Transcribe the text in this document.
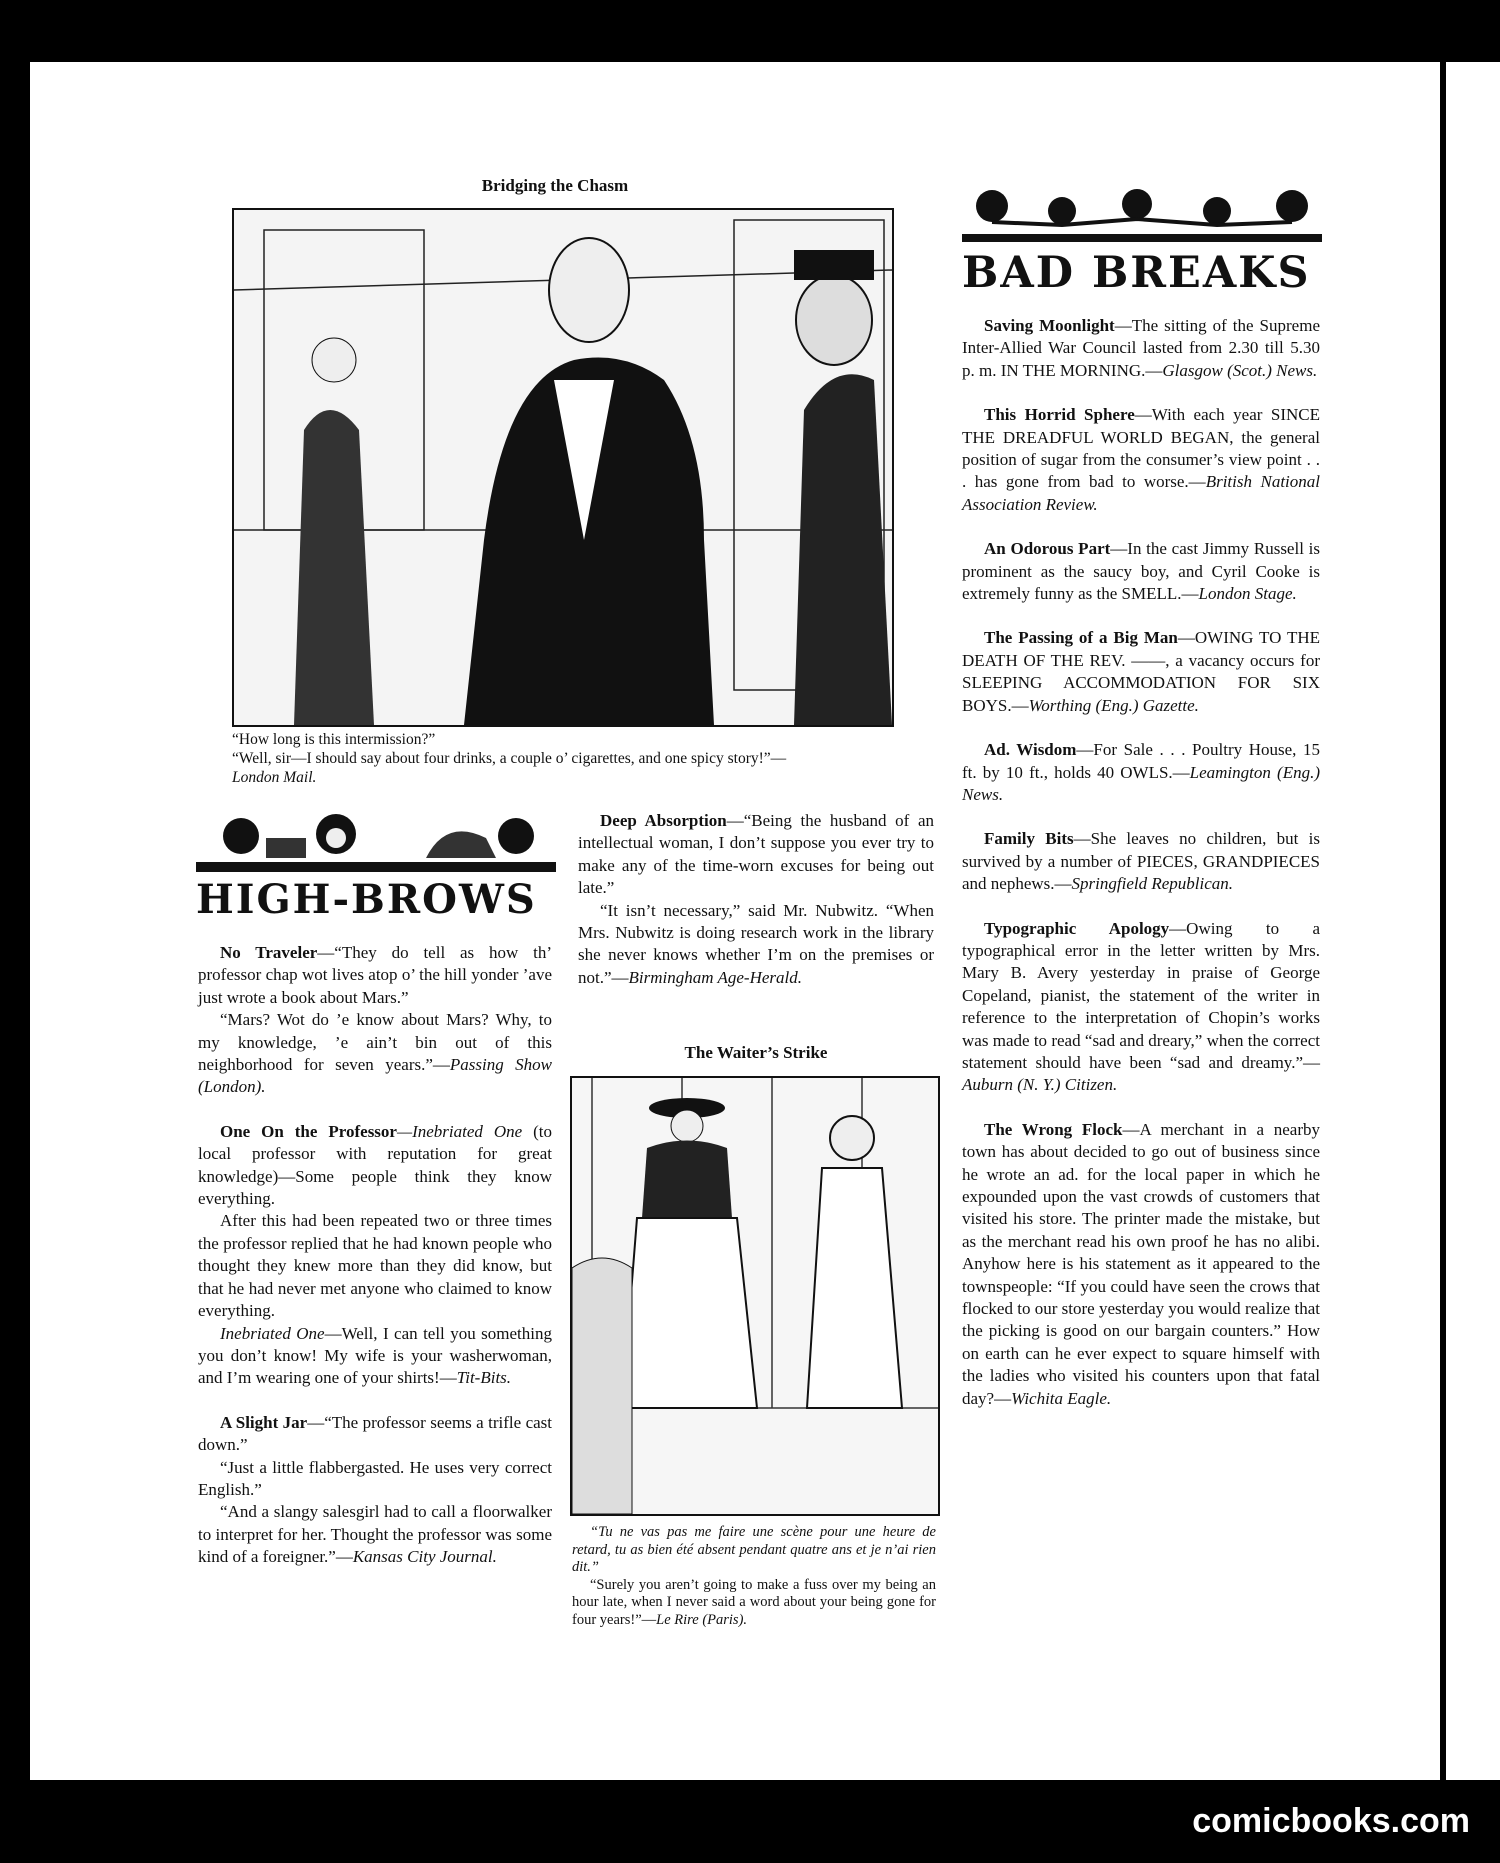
Bridging the Chasm

“How long is this intermission?”

“Well, sir—I should say about four drinks, a couple o’ cigarettes, and one spicy story!”—

London Mail.

BAD BREAKS

Saving Moonlight—The sitting of the Supreme Inter-Allied War Council lasted from 2.30 till 5.30 p. m. IN THE MORNING.—Glasgow (Scot.) News.

This Horrid Sphere—With each year SINCE THE DREADFUL WORLD BEGAN, the general position of sugar from the consumer’s view point . . . has gone from bad to worse.—British National Association Review.

An Odorous Part—In the cast Jimmy Russell is prominent as the saucy boy, and Cyril Cooke is extremely funny as the SMELL.—London Stage.

The Passing of a Big Man—OWING TO THE DEATH OF THE REV. ——, a vacancy occurs for SLEEPING ACCOMMODATION FOR SIX BOYS.—Worthing (Eng.) Gazette.

Ad. Wisdom—For Sale . . . Poultry House, 15 ft. by 10 ft., holds 40 OWLS.—Leamington (Eng.) News.

Family Bits—She leaves no children, but is survived by a number of PIECES, GRANDPIECES and nephews.—Springfield Republican.

Typographic Apology—Owing to a typographical error in the letter written by Mrs. Mary B. Avery yesterday in praise of George Copeland, pianist, the statement of the writer in reference to the interpretation of Chopin’s works was made to read “sad and dreary,” when the correct statement should have been “sad and dreamy.”—Auburn (N. Y.) Citizen.

The Wrong Flock—A merchant in a nearby town has about decided to go out of business since he wrote an ad. for the local paper in which he expounded upon the vast crowds of customers that visited his store. The printer made the mistake, but as the merchant read his own proof he has no alibi. Anyhow here is his statement as it appeared to the townspeople: “If you could have seen the crows that flocked to our store yesterday you would realize that the picking is good on our bargain counters.” How on earth can he ever expect to square himself with the ladies who visited his counters upon that fatal day?—Wichita Eagle.

HIGH-BROWS

No Traveler—“They do tell as how th’ professor chap wot lives atop o’ the hill yonder ’ave just wrote a book about Mars.”

“Mars? Wot do ’e know about Mars? Why, to my knowledge, ’e ain’t bin out of this neighborhood for seven years.”—Passing Show (London).

One On the Professor—Inebriated One (to local professor with reputation for great knowledge)—Some people think they know everything.

After this had been repeated two or three times the professor replied that he had known people who thought they knew more than they did know, but that he had never met anyone who claimed to know everything.

Inebriated One—Well, I can tell you something you don’t know! My wife is your washerwoman, and I’m wearing one of your shirts!—Tit-Bits.

A Slight Jar—“The professor seems a trifle cast down.”

“Just a little flabbergasted. He uses very correct English.”

“And a slangy salesgirl had to call a floorwalker to interpret for her. Thought the professor was some kind of a foreigner.”—Kansas City Journal.

Deep Absorption—“Being the husband of an intellectual woman, I don’t suppose you ever try to make any of the time-worn excuses for being out late.”

“It isn’t necessary,” said Mr. Nubwitz. “When Mrs. Nubwitz is doing research work in the library she never knows whether I’m on the premises or not.”—Birmingham Age-Herald.

The Waiter’s Strike

“Tu ne vas pas me faire une scène pour une heure de retard, tu as bien été absent pendant quatre ans et je n’ai rien dit.”

“Surely you aren’t going to make a fuss over my being an hour late, when I never said a word about your being gone for four years!”—Le Rire (Paris).

comicbooks.com
